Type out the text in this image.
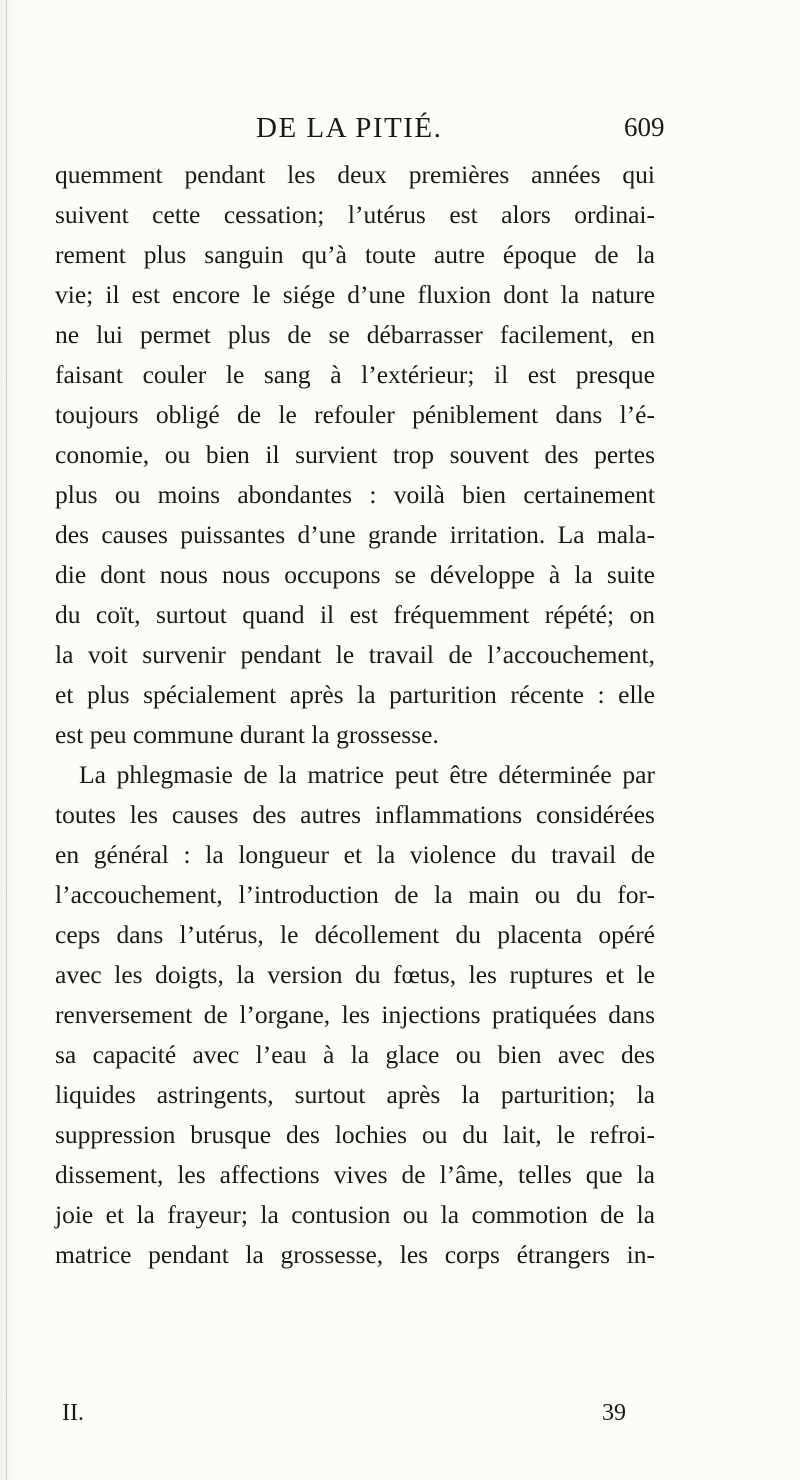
DE LA PITIÉ.	609
quemment pendant les deux premières années qui
suivent cette cessation; l’utérus est alors ordinai-
rement plus sanguin qu’à toute autre époque de la
vie; il est encore le siége d’une fluxion dont la nature
ne lui permet plus de se débarrasser facilement, en
faisant couler le sang à l’extérieur; il est presque
toujours obligé de le refouler péniblement dans l’é-
conomie, ou bien il survient trop souvent des pertes
plus ou moins abondantes : voilà bien certainement
des causes puissantes d’une grande irritation. La mala-
die dont nous nous occupons se développe à la suite
du coït, surtout quand il est fréquemment répété; on
la voit survenir pendant le travail de l’accouchement,
et plus spécialement après la parturition récente : elle
est peu commune durant la grossesse.
La phlegmasie de la matrice peut être déterminée par
toutes les causes des autres inflammations considérées
en général : la longueur et la violence du travail de
l’accouchement, l’introduction de la main ou du for-
ceps dans l’utérus, le décollement du placenta opéré
avec les doigts, la version du fœtus, les ruptures et le
renversement de l’organe, les injections pratiquées dans
sa capacité avec l’eau à la glace ou bien avec des
liquides astringents, surtout après la parturition; la
suppression brusque des lochies ou du lait, le refroi-
dissement, les affections vives de l’âme, telles que la
joie et la frayeur; la contusion ou la commotion de la
matrice pendant la grossesse, les corps étrangers in-
II.	39
